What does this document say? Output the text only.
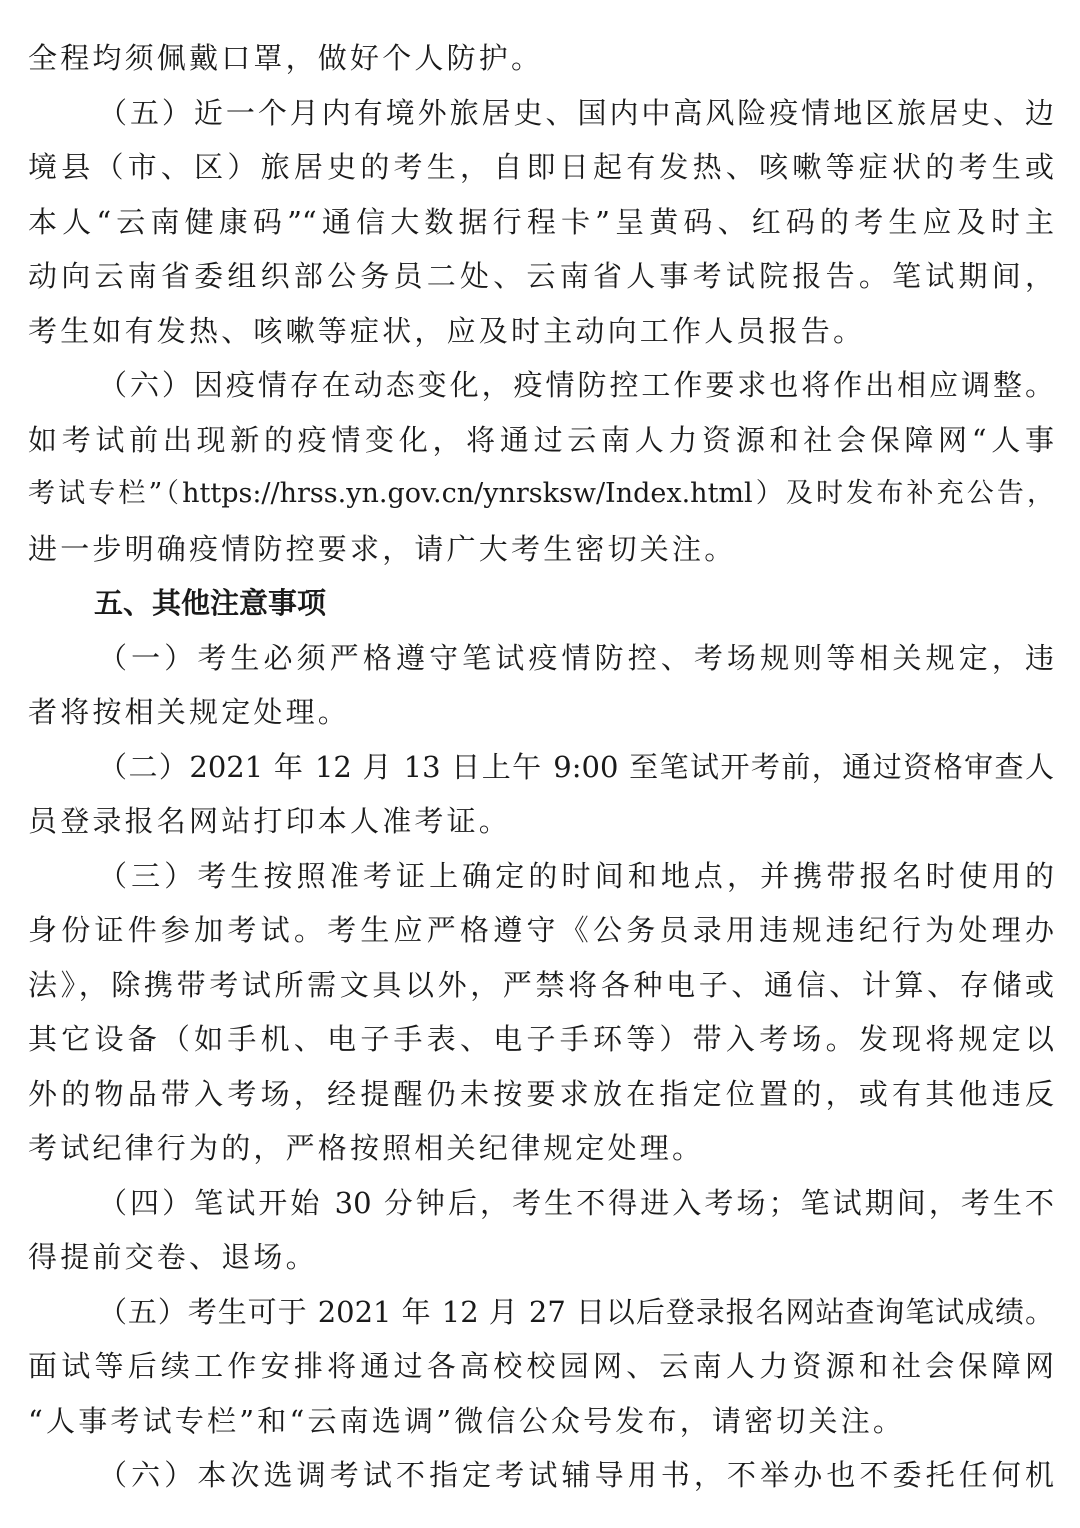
全程均须佩戴口罩，做好个人防护。
（五）近一个月内有境外旅居史、国内中高风险疫情地区旅居史、边
境县（市、区）旅居史的考生，自即日起有发热、咳嗽等症状的考生或
本人“云南健康码”“通信大数据行程卡”呈黄码、红码的考生应及时主
动向云南省委组织部公务员二处、云南省人事考试院报告。笔试期间，
考生如有发热、咳嗽等症状，应及时主动向工作人员报告。
（六）因疫情存在动态变化，疫情防控工作要求也将作出相应调整。
如考试前出现新的疫情变化，将通过云南人力资源和社会保障网“人事
考试专栏”（https://hrss.yn.gov.cn/ynrsksw/Index.html）及时发布补充公告，
进一步明确疫情防控要求，请广大考生密切关注。
五、其他注意事项
（一）考生必须严格遵守笔试疫情防控、考场规则等相关规定，违
者将按相关规定处理。
（二）2021 年 12 月 13 日上午 9:00 至笔试开考前，通过资格审查人
员登录报名网站打印本人准考证。
（三）考生按照准考证上确定的时间和地点，并携带报名时使用的
身份证件参加考试。考生应严格遵守《公务员录用违规违纪行为处理办
法》，除携带考试所需文具以外，严禁将各种电子、通信、计算、存储或
其它设备（如手机、电子手表、电子手环等）带入考场。发现将规定以
外的物品带入考场，经提醒仍未按要求放在指定位置的，或有其他违反
考试纪律行为的，严格按照相关纪律规定处理。
（四）笔试开始 30 分钟后，考生不得进入考场；笔试期间，考生不
得提前交卷、退场。
（五）考生可于 2021 年 12 月 27 日以后登录报名网站查询笔试成绩。
面试等后续工作安排将通过各高校校园网、云南人力资源和社会保障网
“人事考试专栏”和“云南选调”微信公众号发布，请密切关注。
（六）本次选调考试不指定考试辅导用书，不举办也不委托任何机
